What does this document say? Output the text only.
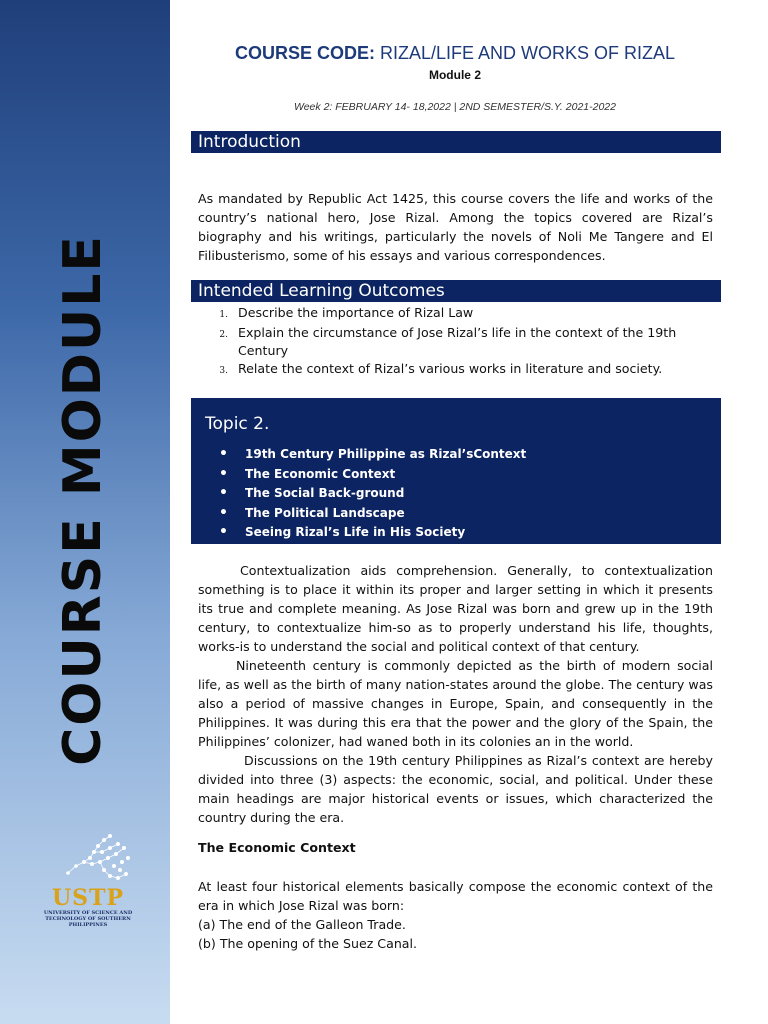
COURSE MODULE
USTP
UNIVERSITY OF SCIENCE AND TECHNOLOGY OF SOUTHERN PHILIPPINES
COURSE CODE: RIZAL/LIFE AND WORKS OF RIZAL
Module 2
Week 2: FEBRUARY 14- 18,2022 | 2ND SEMESTER/S.Y. 2021-2022
Introduction
As mandated by Republic Act 1425, this course covers the life and works of the country’s national hero, Jose Rizal. Among the topics covered are Rizal’s biography and his writings, particularly the novels of Noli Me Tangere and El Filibusterismo, some of his essays and various correspondences.
Intended Learning Outcomes
1. Describe the importance of Rizal Law
2. Explain the circumstance of Jose Rizal’s life in the context of the 19th Century
3. Relate the context of Rizal’s various works in literature and society.
Topic 2.
• 19th Century Philippine as Rizal’sContext
• The Economic Context
• The Social Back-ground
• The Political Landscape
• Seeing Rizal’s Life in His Society

Contextualization aids comprehension. Generally, to contextualization something is to place it within its proper and larger setting in which it presents its true and complete meaning. As Jose Rizal was born and grew up in the 19th century, to contextualize him-so as to properly understand his life, thoughts, works-is to understand the social and political context of that century.

Nineteenth century is commonly depicted as the birth of modern social life, as well as the birth of many nation-states around the globe. The century was also a period of massive changes in Europe, Spain, and consequently in the Philippines. It was during this era that the power and the glory of the Spain, the Philippines’ colonizer, had waned both in its colonies an in the world.

Discussions on the 19th century Philippines as Rizal’s context are hereby divided into three (3) aspects: the economic, social, and political. Under these main headings are major historical events or issues, which characterized the country during the era.

The Economic Context

At least four historical elements basically compose the economic context of the era in which Jose Rizal was born:

(a) The end of the Galleon Trade.

(b) The opening of the Suez Canal.
